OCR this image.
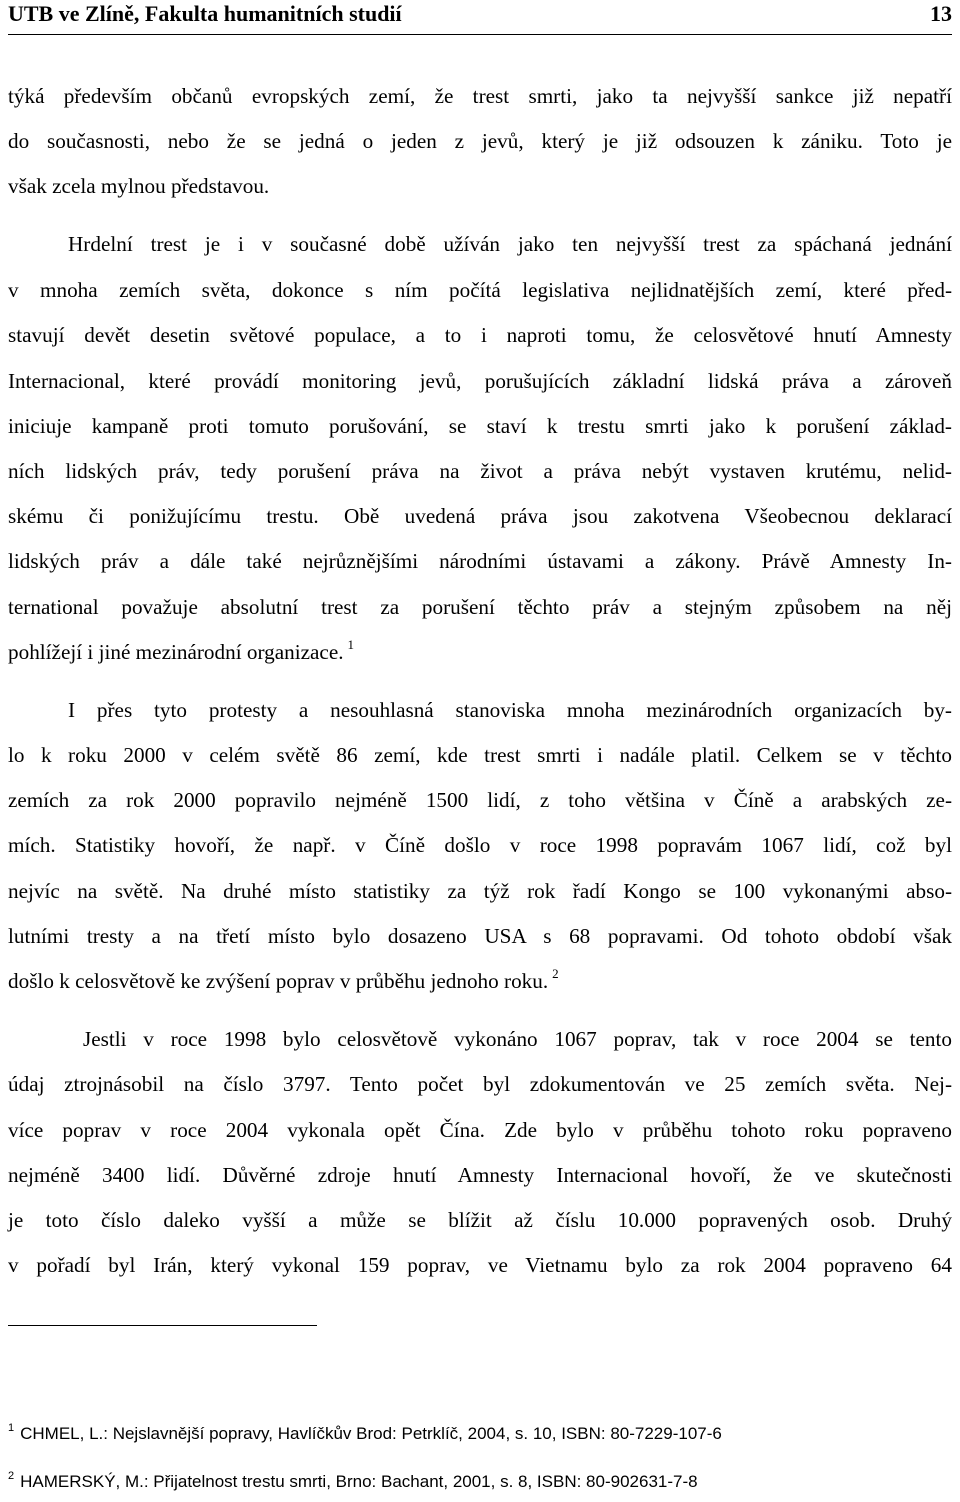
UTB ve Zlíně, Fakulta humanitních studií	13
týká především občanů evropských zemí, že trest smrti, jako ta nejvyšší sankce již nepatří
do současnosti, nebo že se jedná o jeden z jevů, který je již odsouzen k zániku. Toto je
však zcela mylnou představou.
Hrdelní trest je i v současné době užíván jako ten nejvyšší trest za spáchaná jednání
v mnoha zemích světa, dokonce s ním počítá legislativa nejlidnatějších zemí, které před-
stavují devět desetin světové populace, a to i naproti tomu, že celosvětové hnutí Amnesty
Internacional, které provádí monitoring jevů, porušujících základní lidská práva a zároveň
iniciuje kampaně proti tomuto porušování, se staví k trestu smrti jako k porušení základ-
ních lidských práv, tedy porušení práva na život a práva nebýt vystaven krutému, nelid-
skému či ponižujícímu trestu. Obě uvedená práva jsou zakotvena Všeobecnou deklarací
lidských práv a dále také nejrůznějšími národními ústavami a zákony. Právě Amnesty In-
ternational považuje absolutní trest za porušení těchto práv a stejným způsobem na něj
pohlížejí i jiné mezinárodní organizace. $^1$
I přes tyto protesty a nesouhlasná stanoviska mnoha mezinárodních organizacích by-
lo k roku 2000 v celém světě 86 zemí, kde trest smrti i nadále platil. Celkem se v těchto
zemích za rok 2000 popravilo nejméně 1500 lidí, z toho většina v Číně a arabských ze-
mích. Statistiky hovoří, že např. v Číně došlo v roce 1998 popravám 1067 lidí, což byl
nejvíc na světě. Na druhé místo statistiky za týž rok řadí Kongo se 100 vykonanými abso-
lutními tresty a na třetí místo bylo dosazeno USA s 68 popravami. Od tohoto období však
došlo k celosvětově ke zvýšení poprav v průběhu jednoho roku. $^2$
Jestli v roce 1998 bylo celosvětově vykonáno 1067 poprav, tak v roce 2004 se tento
údaj ztrojnásobil na číslo 3797. Tento počet byl zdokumentován ve 25 zemích světa. Nej-
více poprav v roce 2004 vykonala opět Čína. Zde bylo v průběhu tohoto roku popraveno
nejméně 3400 lidí. Důvěrné zdroje hnutí Amnesty Internacional hovoří, že ve skutečnosti
je toto číslo daleko vyšší a může se blížit až číslu 10.000 popravených osob. Druhý
v pořadí byl Irán, který vykonal 159 poprav, ve Vietnamu bylo za rok 2004 popraveno 64
$^1$ CHMEL, L.: Nejslavnější popravy, Havlíčkův Brod: Petrklíč, 2004, s. 10, ISBN: 80-7229-107-6
$^2$ HAMERSKÝ, M.: Přijatelnost trestu smrti, Brno: Bachant, 2001, s. 8, ISBN: 80-902631-7-8
